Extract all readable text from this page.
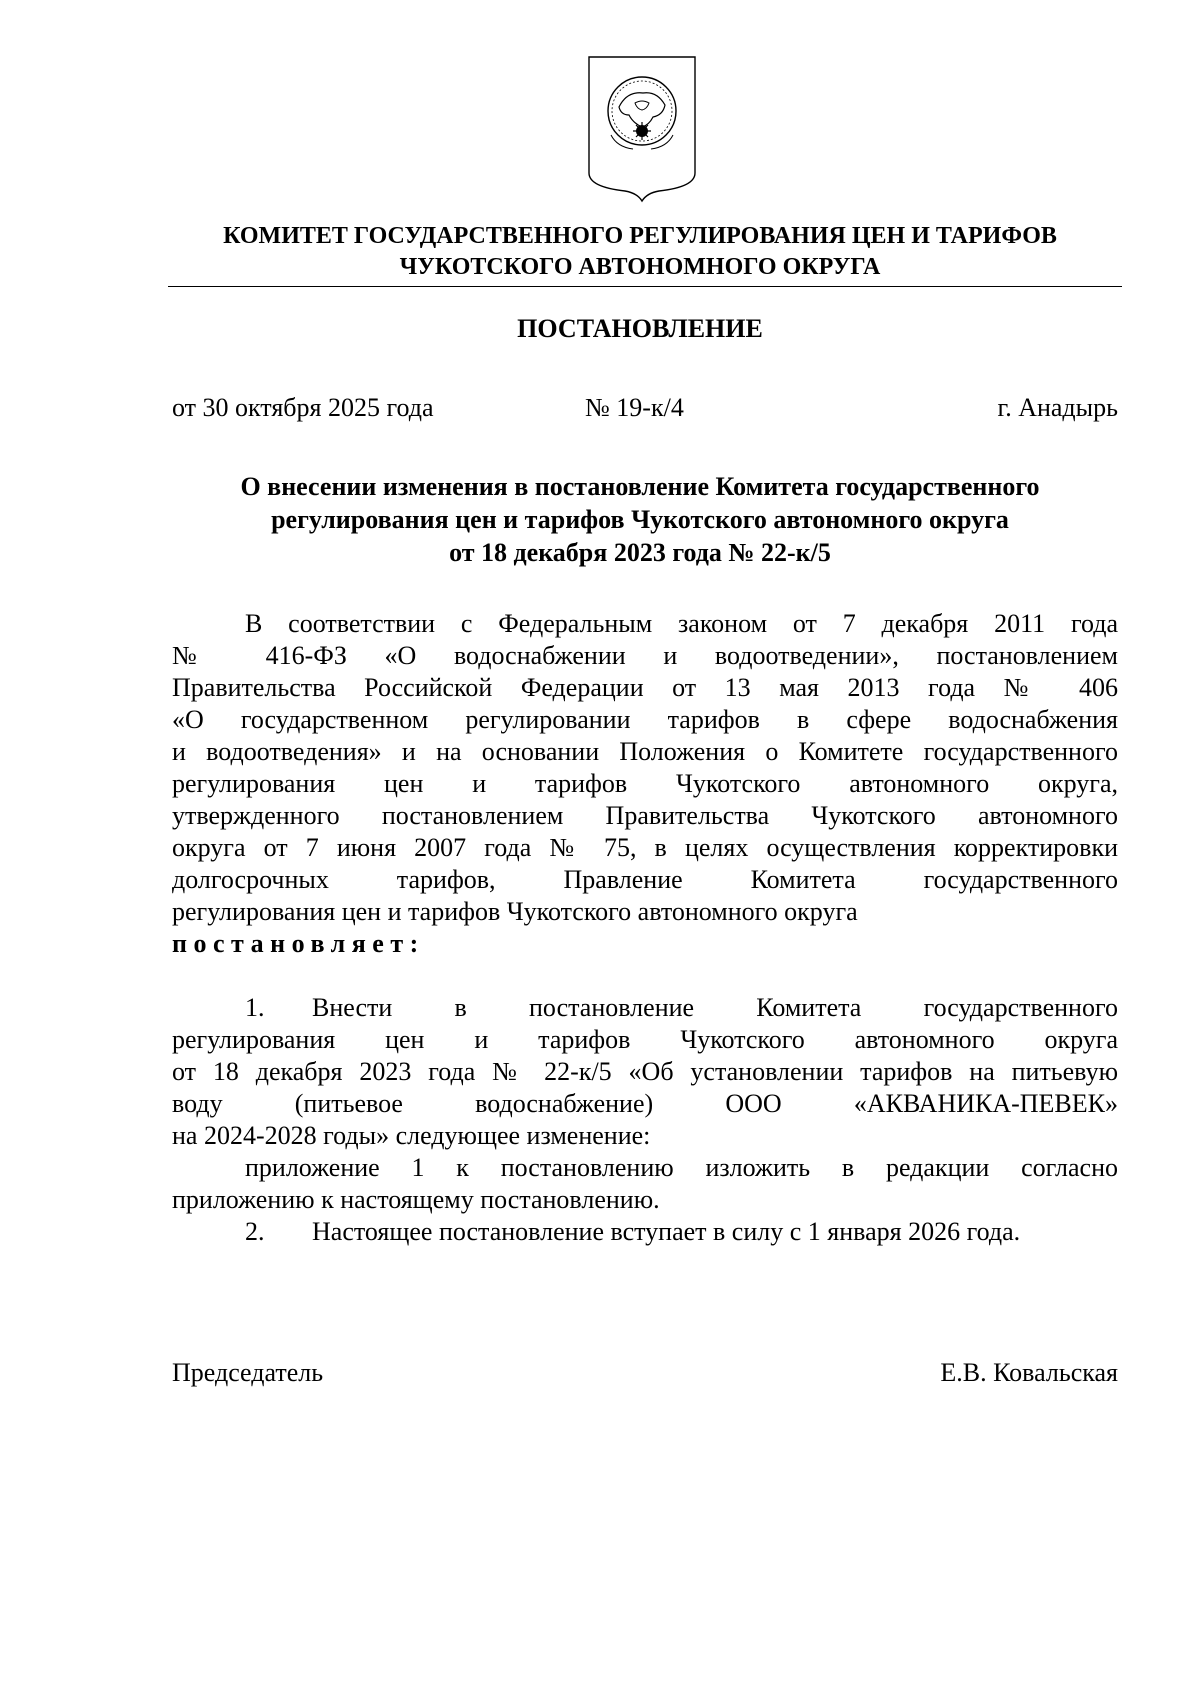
КОМИТЕТ ГОСУДАРСТВЕННОГО РЕГУЛИРОВАНИЯ ЦЕН И ТАРИФОВ
ЧУКОТСКОГО АВТОНОМНОГО ОКРУГА
ПОСТАНОВЛЕНИЕ
от 30 октября 2025 года	№ 19-к/4	г. Анадырь
О внесении изменения в постановление Комитета государственного
регулирования цен и тарифов Чукотского автономного округа
от 18 декабря 2023 года № 22-к/5
В соответствии с Федеральным законом от 7 декабря 2011 года
№ 416-ФЗ «О водоснабжении и водоотведении», постановлением
Правительства Российской Федерации от 13 мая 2013 года № 406
«О государственном регулировании тарифов в сфере водоснабжения
и водоотведения» и на основании Положения о Комитете государственного
регулирования цен и тарифов Чукотского автономного округа,
утвержденного постановлением Правительства Чукотского автономного
округа от 7 июня 2007 года № 75, в целях осуществления корректировки
долгосрочных тарифов, Правление Комитета государственного
регулирования цен и тарифов Чукотского автономного округа
постановляет:
1. Внести в постановление Комитета государственного
регулирования цен и тарифов Чукотского автономного округа
от 18 декабря 2023 года № 22-к/5 «Об установлении тарифов на питьевую
воду (питьевое водоснабжение) ООО «АКВАНИКА-ПЕВЕК»
на 2024-2028 годы» следующее изменение:
приложение 1 к постановлению изложить в редакции согласно
приложению к настоящему постановлению.
2. Настоящее постановление вступает в силу с 1 января 2026 года.
Председатель	Е.В. Ковальская
